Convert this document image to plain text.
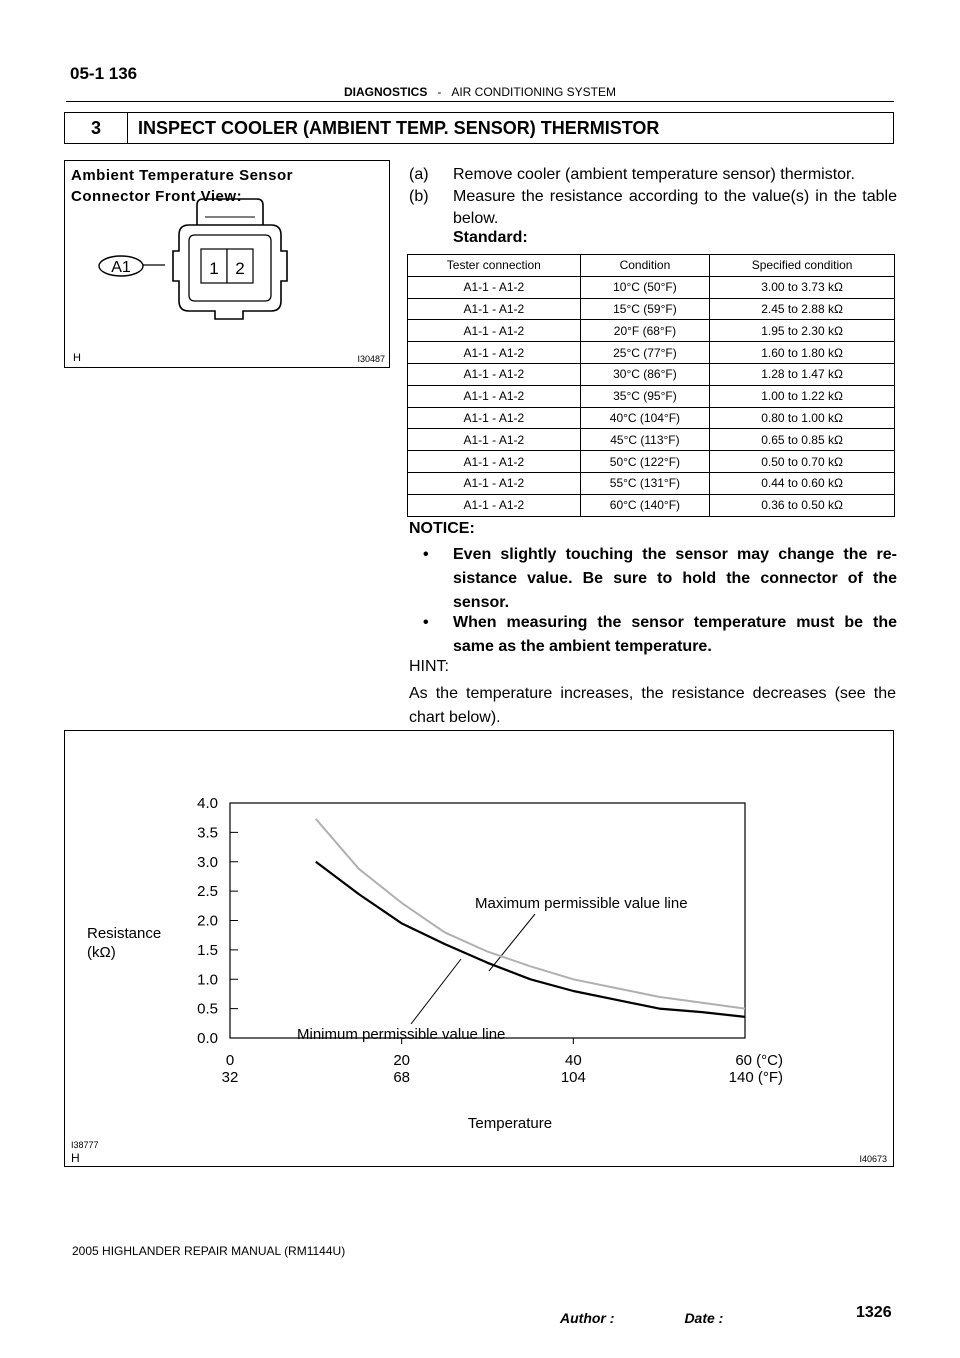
05-1 136
DIAGNOSTICS - AIR CONDITIONING SYSTEM
3	INSPECT COOLER (AMBIENT TEMP. SENSOR) THERMISTOR
Ambient Temperature Sensor
Connector Front View:
A1	1 2
H	I30487
(a) Remove cooler (ambient temperature sensor) thermistor.
(b) Measure the resistance according to the value(s) in the table below.
Standard:
Tester connection	Condition	Specified condition
A1-1 - A1-2	10°C (50°F)	3.00 to 3.73 kΩ
A1-1 - A1-2	15°C (59°F)	2.45 to 2.88 kΩ
A1-1 - A1-2	20°F (68°F)	1.95 to 2.30 kΩ
A1-1 - A1-2	25°C (77°F)	1.60 to 1.80 kΩ
A1-1 - A1-2	30°C (86°F)	1.28 to 1.47 kΩ
A1-1 - A1-2	35°C (95°F)	1.00 to 1.22 kΩ
A1-1 - A1-2	40°C (104°F)	0.80 to 1.00 kΩ
A1-1 - A1-2	45°C (113°F)	0.65 to 0.85 kΩ
A1-1 - A1-2	50°C (122°F)	0.50 to 0.70 kΩ
A1-1 - A1-2	55°C (131°F)	0.44 to 0.60 kΩ
A1-1 - A1-2	60°C (140°F)	0.36 to 0.50 kΩ
NOTICE:
• Even slightly touching the sensor may change the re- sistance value. Be sure to hold the connector of the sensor.
• When measuring the sensor temperature must be the same as the ambient temperature.
HINT:
As the temperature increases, the resistance decreases (see the chart below).
Resistance
(kΩ)
Temperature
I38777
H	I40673
Maximum permissible value line
Minimum permissible value line
0.0
0.5
1.0
1.5
2.0
2.5
3.0
3.5
4.0
0
32
20
68
40
104
60 (°C)
140 (°F)
2005 HIGHLANDER REPAIR MANUAL (RM1144U)
Author :	Date :	1326
